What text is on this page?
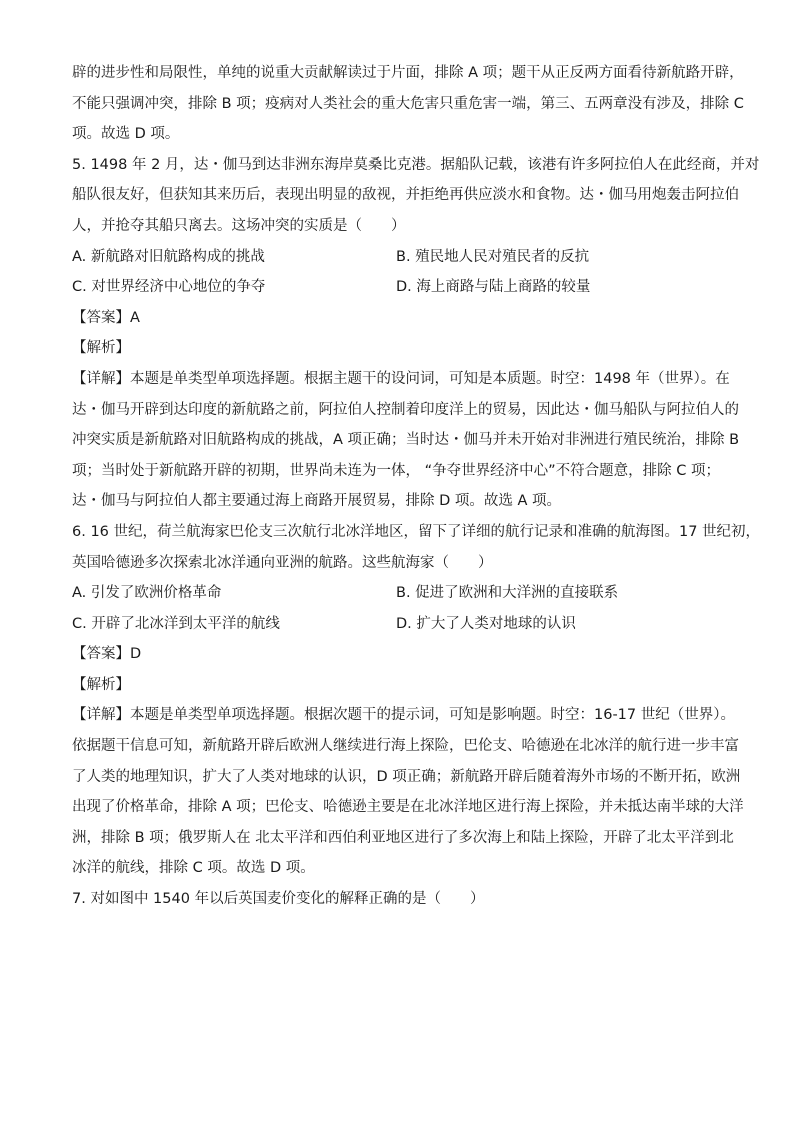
辟的进步性和局限性，单纯的说重大贡献解读过于片面，排除 A 项；题干从正反两方面看待新航路开辟，

不能只强调冲突，排除 B 项；疫病对人类社会的重大危害只重危害一端，第三、五两章没有涉及，排除 C

项。故选 D 项。

5. 1498 年 2 月，达・伽马到达非洲东海岸莫桑比克港。据船队记载，该港有许多阿拉伯人在此经商，并对

船队很友好，但获知其来历后，表现出明显的敌视，并拒绝再供应淡水和食物。达・伽马用炮轰击阿拉伯

人，并抢夺其船只离去。这场冲突的实质是（　　）

A. 新航路对旧航路构成的挑战	B. 殖民地人民对殖民者的反抗
C. 对世界经济中心地位的争夺	D. 海上商路与陆上商路的较量

【答案】A

【解析】

【详解】本题是单类型单项选择题。根据主题干的设问词，可知是本质题。时空：1498 年（世界）。在

达・伽马开辟到达印度的新航路之前，阿拉伯人控制着印度洋上的贸易，因此达・伽马船队与阿拉伯人的

冲突实质是新航路对旧航路构成的挑战，A 项正确；当时达・伽马并未开始对非洲进行殖民统治，排除 B

项；当时处于新航路开辟的初期，世界尚未连为一体， “争夺世界经济中心”不符合题意，排除 C 项；

达・伽马与阿拉伯人都主要通过海上商路开展贸易，排除 D 项。故选 A 项。

6. 16 世纪，荷兰航海家巴伦支三次航行北冰洋地区，留下了详细的航行记录和准确的航海图。17 世纪初，

英国哈德逊多次探索北冰洋通向亚洲的航路。这些航海家（　　）

A. 引发了欧洲价格革命	B. 促进了欧洲和大洋洲的直接联系
C. 开辟了北冰洋到太平洋的航线	D. 扩大了人类对地球的认识

【答案】D

【解析】

【详解】本题是单类型单项选择题。根据次题干的提示词，可知是影响题。时空：16-17 世纪（世界）。

依据题干信息可知，新航路开辟后欧洲人继续进行海上探险，巴伦支、哈德逊在北冰洋的航行进一步丰富

了人类的地理知识，扩大了人类对地球的认识，D 项正确；新航路开辟后随着海外市场的不断开拓，欧洲

出现了价格革命，排除 A 项；巴伦支、哈德逊主要是在北冰洋地区进行海上探险，并未抵达南半球的大洋

洲，排除 B 项；俄罗斯人在 北太平洋和西伯利亚地区进行了多次海上和陆上探险，开辟了北太平洋到北

冰洋的航线，排除 C 项。故选 D 项。

7. 对如图中 1540 年以后英国麦价变化的解释正确的是（　　）
